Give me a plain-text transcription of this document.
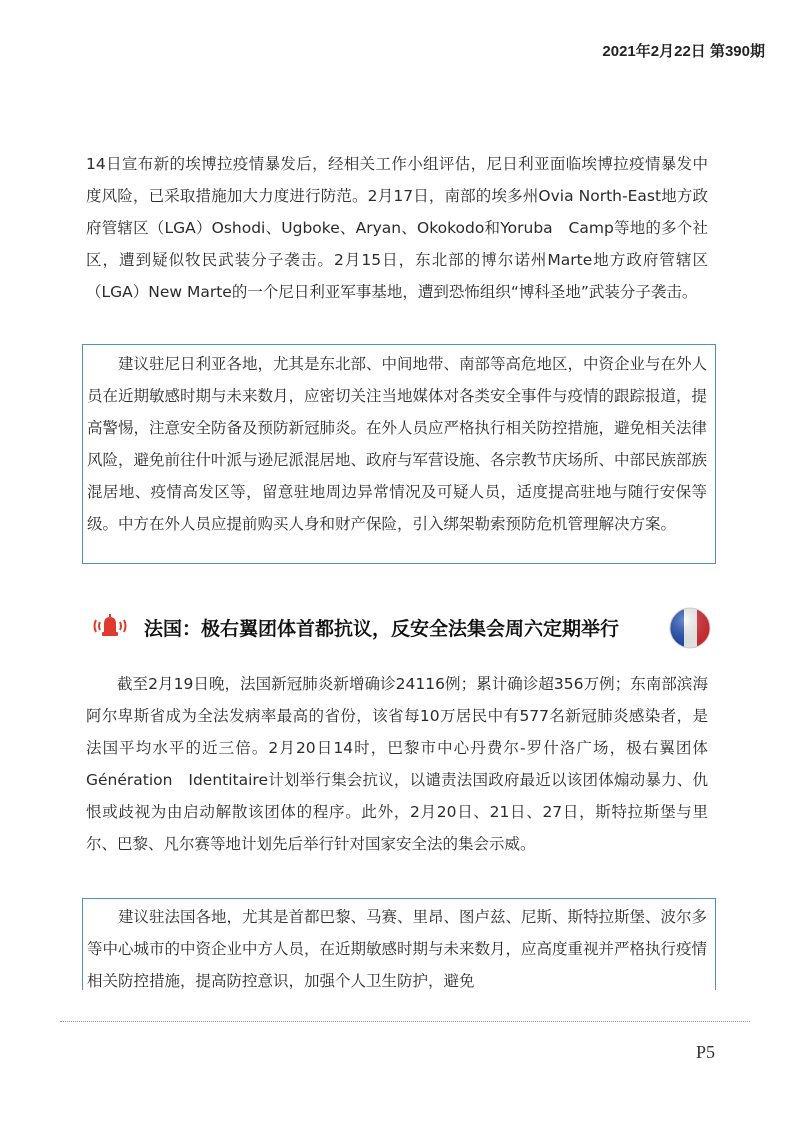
2021年2月22日 第390期

14日宣布新的埃博拉疫情暴发后，经相关工作小组评估，尼日利亚面临埃博拉疫情暴发中度风险，已采取措施加大力度进行防范。2月17日，南部的埃多州Ovia North-East地方政府管辖区（LGA）Oshodi、Ugboke、Aryan、Okokodo和Yoruba　Camp等地的多个社区，遭到疑似牧民武装分子袭击。2月15日，东北部的博尔诺州Marte地方政府管辖区（LGA）New Marte的一个尼日利亚军事基地，遭到恐怖组织“博科圣地”武装分子袭击。

建议驻尼日利亚各地，尤其是东北部、中间地带、南部等高危地区，中资企业与在外人员在近期敏感时期与未来数月，应密切关注当地媒体对各类安全事件与疫情的跟踪报道，提高警惕，注意安全防备及预防新冠肺炎。在外人员应严格执行相关防控措施，避免相关法律风险，避免前往什叶派与逊尼派混居地、政府与军营设施、各宗教节庆场所、中部民族部族混居地、疫情高发区等，留意驻地周边异常情况及可疑人员，适度提高驻地与随行安保等级。中方在外人员应提前购买人身和财产保险，引入绑架勒索预防危机管理解决方案。

法国：极右翼团体首都抗议，反安全法集会周六定期举行

截至2月19日晚，法国新冠肺炎新增确诊24116例；累计确诊超356万例；东南部滨海阿尔卑斯省成为全法发病率最高的省份，该省每10万居民中有577名新冠肺炎感染者，是法国平均水平的近三倍。2月20日14时，巴黎市中心丹费尔-罗什洛广场，极右翼团体Génération　Identitaire计划举行集会抗议，以谴责法国政府最近以该团体煽动暴力、仇恨或歧视为由启动解散该团体的程序。此外，2月20日、21日、27日，斯特拉斯堡与里尔、巴黎、凡尔赛等地计划先后举行针对国家安全法的集会示威。

建议驻法国各地，尤其是首都巴黎、马赛、里昂、图卢兹、尼斯、斯特拉斯堡、波尔多等中心城市的中资企业中方人员，在近期敏感时期与未来数月，应高度重视并严格执行疫情相关防控措施，提高防控意识，加强个人卫生防护，避免

P5
